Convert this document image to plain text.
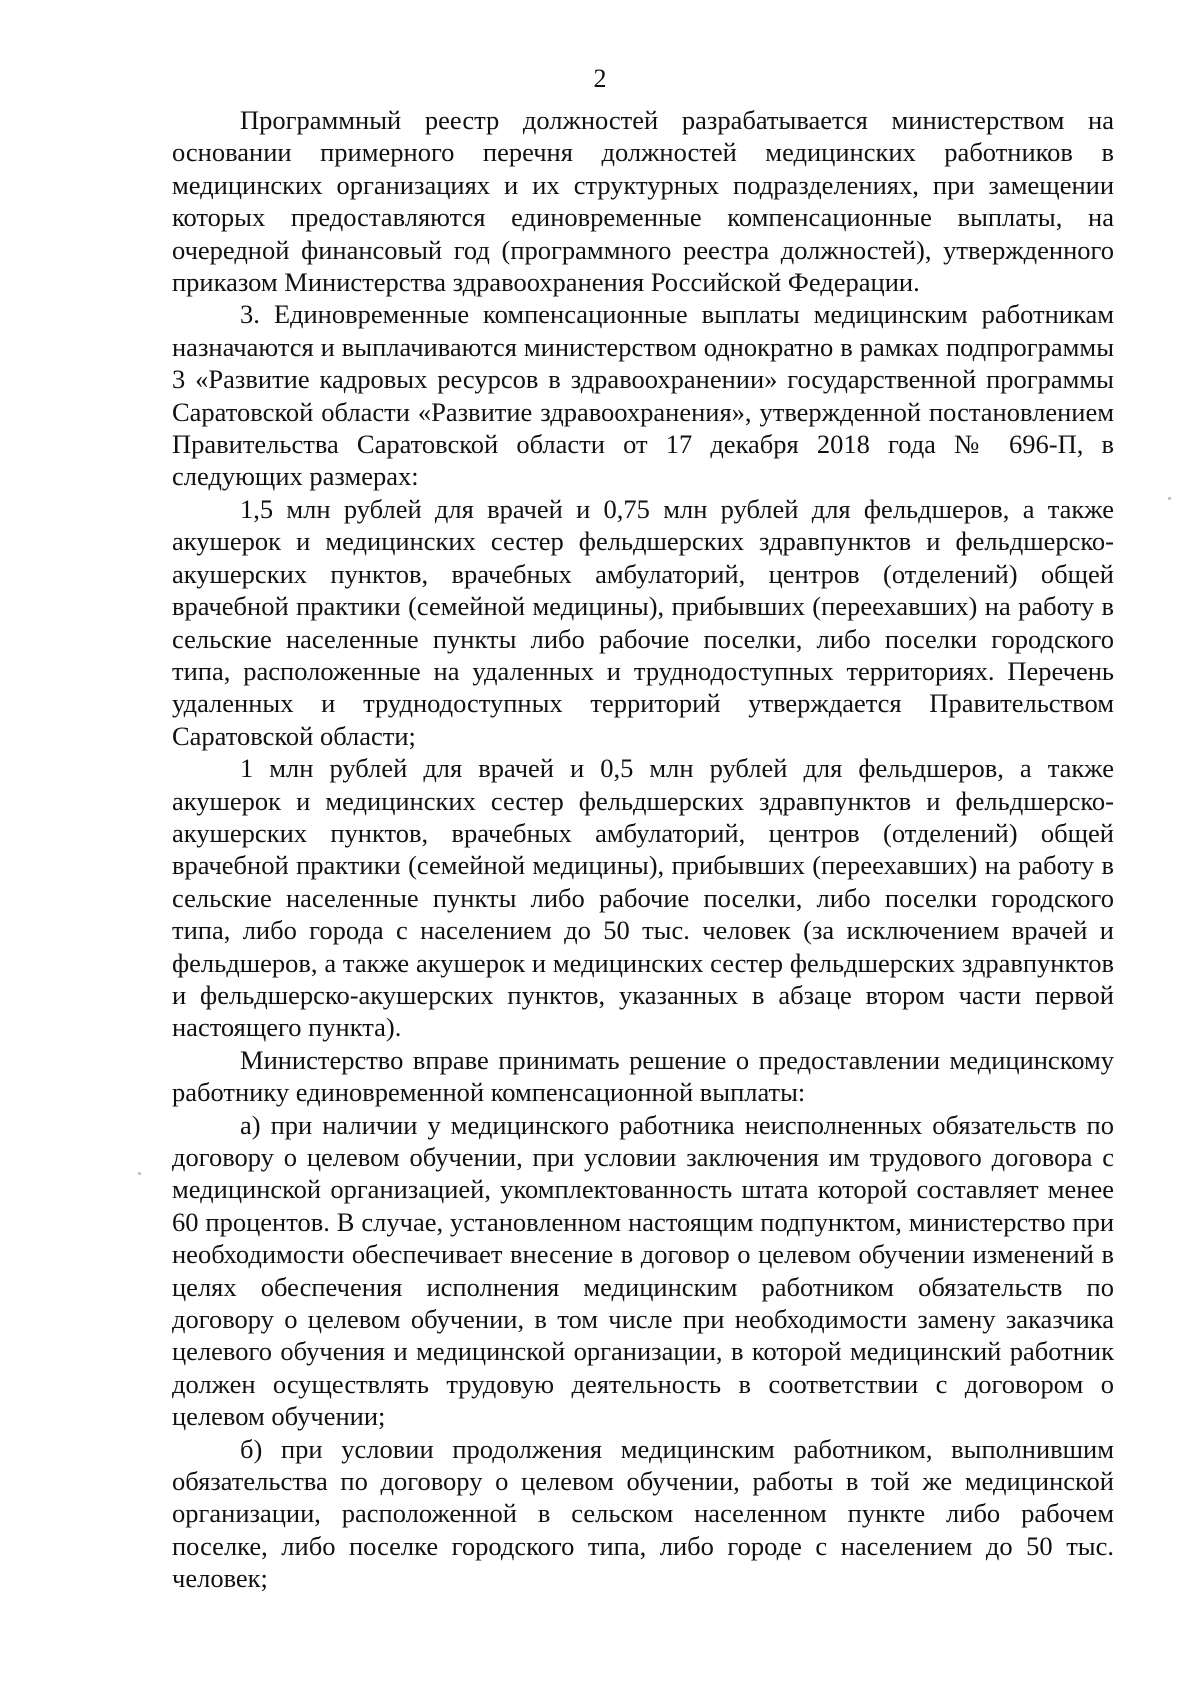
2

Программный реестр должностей разрабатывается министерством на основании примерного перечня должностей медицинских работников в медицинских организациях и их структурных подразделениях, при замещении которых предоставляются единовременные компенсационные выплаты, на очередной финансовый год (программного реестра должностей), утвержденного приказом Министерства здравоохранения Российской Федерации.

3. Единовременные компенсационные выплаты медицинским работникам назначаются и выплачиваются министерством однократно в рамках подпрограммы 3 «Развитие кадровых ресурсов в здравоохранении» государственной программы Саратовской области «Развитие здравоохранения», утвержденной постановлением Правительства Саратовской области от 17 декабря 2018 года № 696-П, в следующих размерах:

1,5 млн рублей для врачей и 0,75 млн рублей для фельдшеров, а также акушерок и медицинских сестер фельдшерских здравпунктов и фельдшерско-акушерских пунктов, врачебных амбулаторий, центров (отделений) общей врачебной практики (семейной медицины), прибывших (переехавших) на работу в сельские населенные пункты либо рабочие поселки, либо поселки городского типа, расположенные на удаленных и труднодоступных территориях. Перечень удаленных и труднодоступных территорий утверждается Правительством Саратовской области;

1 млн рублей для врачей и 0,5 млн рублей для фельдшеров, а также акушерок и медицинских сестер фельдшерских здравпунктов и фельдшерско-акушерских пунктов, врачебных амбулаторий, центров (отделений) общей врачебной практики (семейной медицины), прибывших (переехавших) на работу в сельские населенные пункты либо рабочие поселки, либо поселки городского типа, либо города с населением до 50 тыс. человек (за исключением врачей и фельдшеров, а также акушерок и медицинских сестер фельдшерских здравпунктов и фельдшерско-акушерских пунктов, указанных в абзаце втором части первой настоящего пункта).

Министерство вправе принимать решение о предоставлении медицинскому работнику единовременной компенсационной выплаты:

а) при наличии у медицинского работника неисполненных обязательств по договору о целевом обучении, при условии заключения им трудового договора с медицинской организацией, укомплектованность штата которой составляет менее 60 процентов. В случае, установленном настоящим подпунктом, министерство при необходимости обеспечивает внесение в договор о целевом обучении изменений в целях обеспечения исполнения медицинским работником обязательств по договору о целевом обучении, в том числе при необходимости замену заказчика целевого обучения и медицинской организации, в которой медицинский работник должен осуществлять трудовую деятельность в соответствии с договором о целевом обучении;

б) при условии продолжения медицинским работником, выполнившим обязательства по договору о целевом обучении, работы в той же медицинской организации, расположенной в сельском населенном пункте либо рабочем поселке, либо поселке городского типа, либо городе с населением до 50 тыс. человек;
